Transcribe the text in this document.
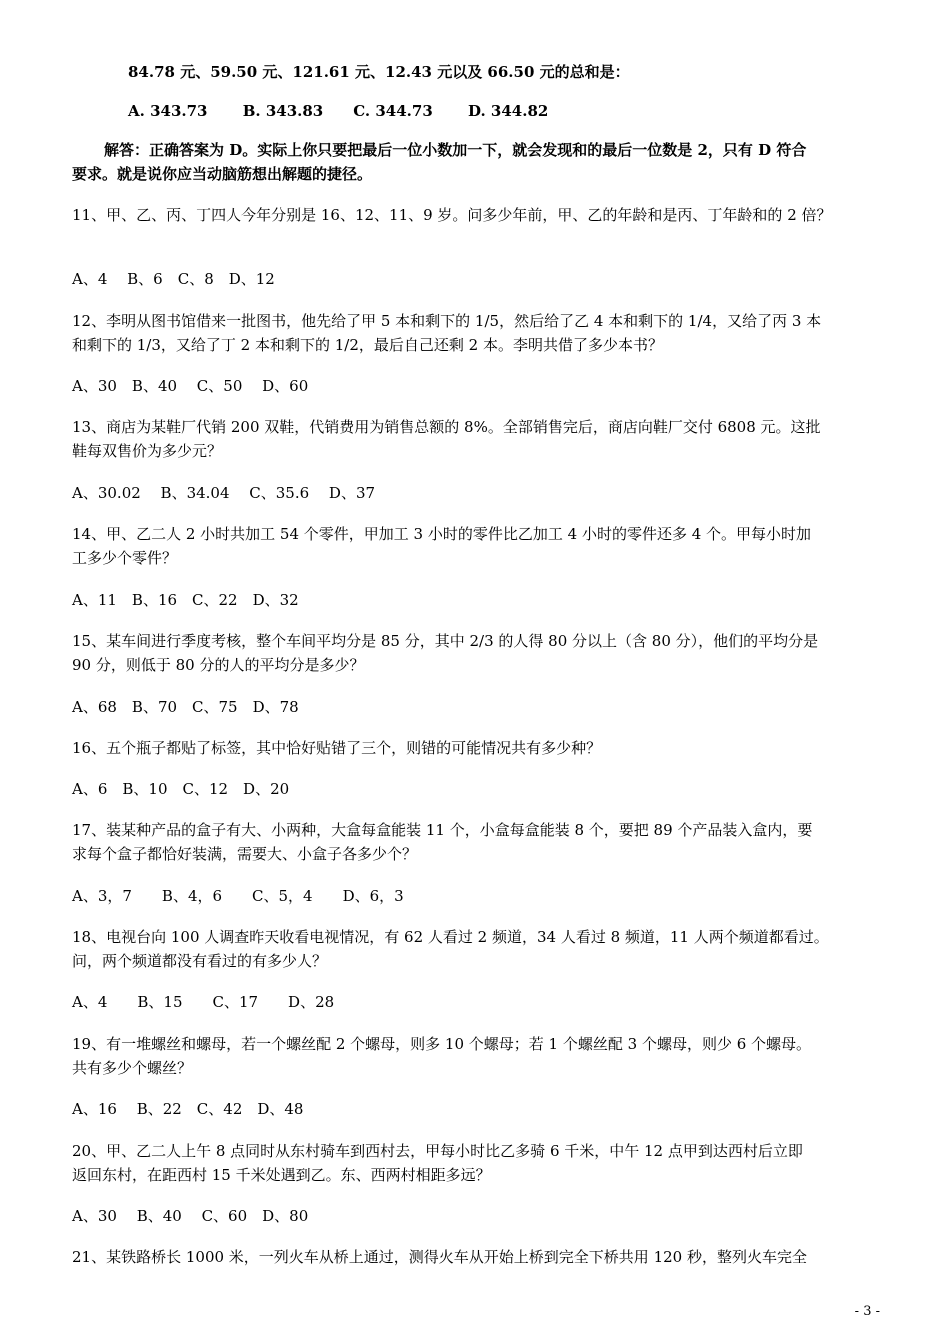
84.78 元、59.50 元、121.61 元、12.43 元以及 66.50 元的总和是：
A. 343.73　　 B. 343.83　　C. 344.73　　 D. 344.82
解答：正确答案为 D。实际上你只要把最后一位小数加一下，就会发现和的最后一位数是 2，只有 D 符合
要求。就是说你应当动脑筋想出解题的捷径。
11、甲、乙、丙、丁四人今年分别是 16、12、11、9 岁。问多少年前，甲、乙的年龄和是丙、丁年龄和的 2 倍？
A、4　 B、6　C、8　D、12
12、李明从图书馆借来一批图书，他先给了甲 5 本和剩下的 1/5，然后给了乙 4 本和剩下的 1/4，又给了丙 3 本
和剩下的 1/3，又给了丁 2 本和剩下的 1/2，最后自己还剩 2 本。李明共借了多少本书？
A、30　B、40　 C、50　 D、60
13、商店为某鞋厂代销 200 双鞋，代销费用为销售总额的 8%。全部销售完后，商店向鞋厂交付 6808 元。这批
鞋每双售价为多少元？
A、30.02　 B、34.04　 C、35.6　 D、37
14、甲、乙二人 2 小时共加工 54 个零件，甲加工 3 小时的零件比乙加工 4 小时的零件还多 4 个。甲每小时加
工多少个零件？
A、11　B、16　C、22　D、32
15、某车间进行季度考核，整个车间平均分是 85 分，其中 2/3 的人得 80 分以上（含 80 分），他们的平均分是
90 分，则低于 80 分的人的平均分是多少？
A、68　B、70　C、75　D、78
16、五个瓶子都贴了标签，其中恰好贴错了三个，则错的可能情况共有多少种？
A、6　B、10　C、12　D、20
17、装某种产品的盒子有大、小两种，大盒每盒能装 11 个，小盒每盒能装 8 个，要把 89 个产品装入盒内，要
求每个盒子都恰好装满，需要大、小盒子各多少个？
A、3，7　　B、4，6　　C、5，4　　D、6，3
18、电视台向 100 人调查昨天收看电视情况，有 62 人看过 2 频道，34 人看过 8 频道，11 人两个频道都看过。
问，两个频道都没有看过的有多少人？
A、4　　B、15　　C、17　　D、28
19、有一堆螺丝和螺母，若一个螺丝配 2 个螺母，则多 10 个螺母；若 1 个螺丝配 3 个螺母，则少 6 个螺母。
共有多少个螺丝？
A、16　 B、22　C、42　D、48
20、甲、乙二人上午 8 点同时从东村骑车到西村去，甲每小时比乙多骑 6 千米，中午 12 点甲到达西村后立即
返回东村，在距西村 15 千米处遇到乙。东、西两村相距多远？
A、30　 B、40　 C、60　D、80
21、某铁路桥长 1000 米，一列火车从桥上通过，测得火车从开始上桥到完全下桥共用 120 秒，整列火车完全
- 3 -
